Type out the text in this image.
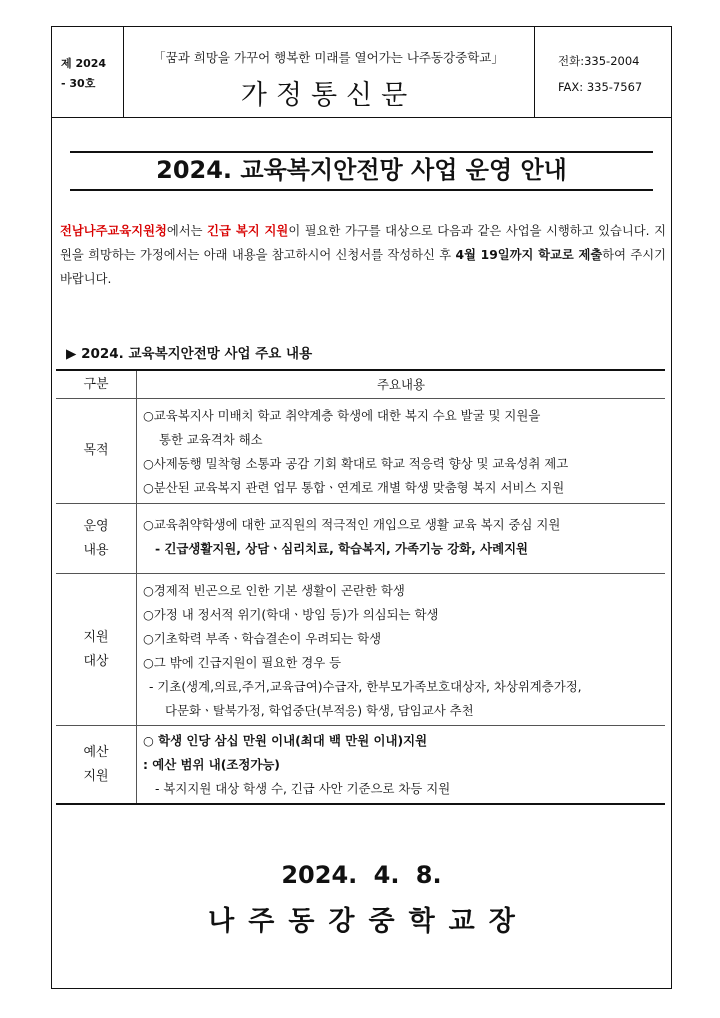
제 2024
- 30호
「꿈과 희망을 가꾸어 행복한 미래를 열어가는 나주동강중학교」
가정통신문
전화:335-2004
FAX: 335-7567
2024. 교육복지안전망 사업 운영 안내
전남나주교육지원청에서는 긴급 복지 지원이 필요한 가구를 대상으로 다음과 같은 사업을 시행하고 있습니다. 지원을 희망하는 가정에서는 아래 내용을 참고하시어 신청서를 작성하신 후 4월 19일까지 학교로 제출하여 주시기 바랍니다.
▶ 2024. 교육복지안전망 사업 주요 내용
구분	주요내용
목적
○교육복지사 미배치 학교 취약계층 학생에 대한 복지 수요 발굴 및 지원을
통한 교육격차 해소
○사제동행 밀착형 소통과 공감 기회 확대로 학교 적응력 향상 및 교육성취 제고
○분산된 교육복지 관련 업무 통합ㆍ연계로 개별 학생 맞춤형 복지 서비스 지원
운영
내용
○교육취약학생에 대한 교직원의 적극적인 개입으로 생활 교육 복지 중심 지원
- 긴급생활지원, 상담ㆍ심리치료, 학습복지, 가족기능 강화, 사례지원
지원
대상
○경제적 빈곤으로 인한 기본 생활이 곤란한 학생
○가정 내 정서적 위기(학대ㆍ방임 등)가 의심되는 학생
○기초학력 부족ㆍ학습결손이 우려되는 학생
○그 밖에 긴급지원이 필요한 경우 등
- 기초(생계,의료,주거,교육급여)수급자, 한부모가족보호대상자, 차상위계층가정,
다문화ㆍ탈북가정, 학업중단(부적응) 학생, 담임교사 추천
예산
지원
○ 학생 인당 삼십 만원 이내(최대 백 만원 이내)지원
: 예산 범위 내(조정가능)
- 복지지원 대상 학생 수, 긴급 사안 기준으로 차등 지원
2024. 4. 8.
나주동강중학교장
